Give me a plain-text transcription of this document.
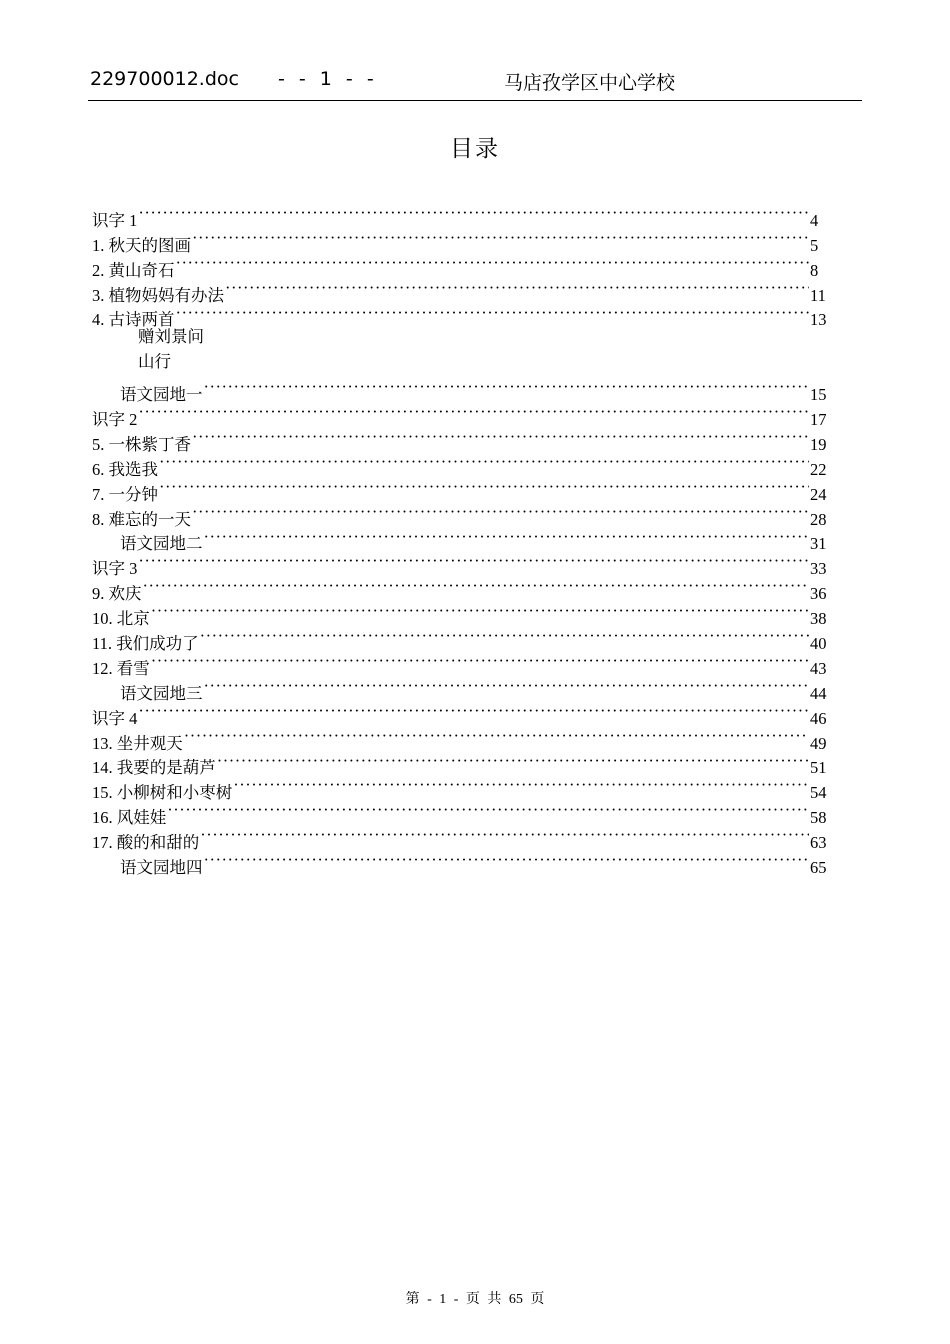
229700012.doc - - 1 - -	马店孜学区中心学校
目录
识字 1 ·····	4
1. 秋天的图画 ·····	5
2. 黄山奇石 ·····	8
3. 植物妈妈有办法 ·····	11
4. 古诗两首 ·····	13
赠刘景问
山行
语文园地一 ·····	15
识字 2 ·····	17
5. 一株紫丁香 ·····	19
6. 我选我 ·····	22
7. 一分钟 ·····	24
8. 难忘的一天 ·····	28
语文园地二 ·····	31
识字 3 ·····	33
9. 欢庆 ·····	36
10. 北京 ·····	38
11. 我们成功了 ·····	40
12. 看雪 ·····	43
语文园地三 ·····	44
识字 4 ·····	46
13. 坐井观天 ·····	49
14. 我要的是葫芦 ·····	51
15. 小柳树和小枣树 ·····	54
16. 风娃娃 ·····	58
17. 酸的和甜的 ·····	63
语文园地四 ·····	65
第 - 1 - 页 共 65 页
